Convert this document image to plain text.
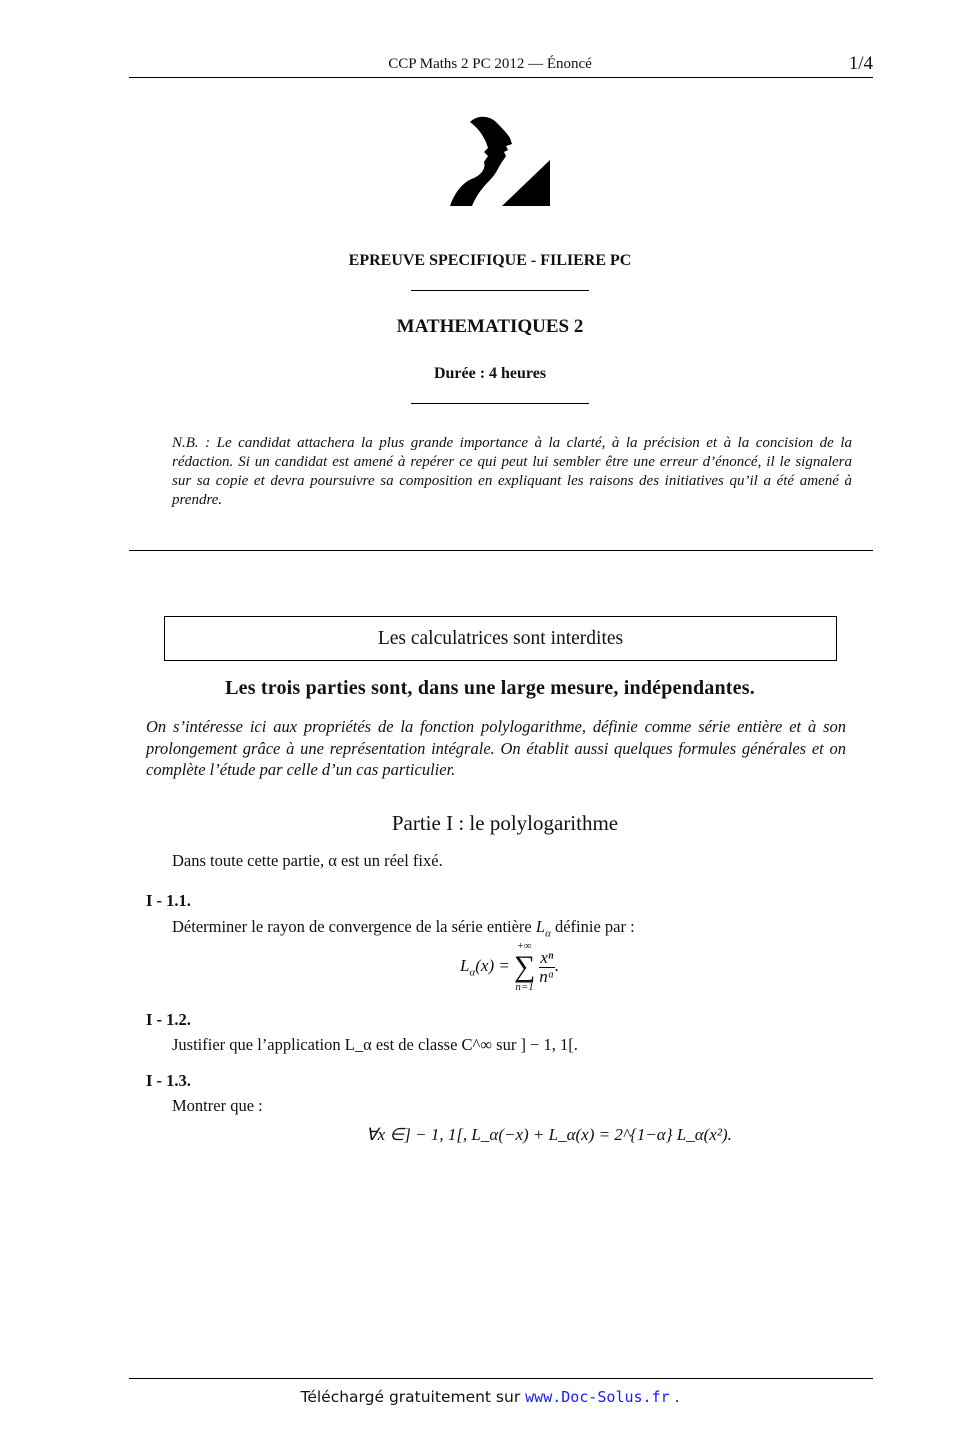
CCP Maths 2 PC 2012 — Énoncé	1/4
EPREUVE SPECIFIQUE - FILIERE PC
MATHEMATIQUES 2
Durée : 4 heures
N.B. : Le candidat attachera la plus grande importance à la clarté, à la précision et à la concision de la rédaction. Si un candidat est amené à repérer ce qui peut lui sembler être une erreur d’énoncé, il le signalera sur sa copie et devra poursuivre sa composition en expliquant les raisons des initiatives qu’il a été amené à prendre.
Les calculatrices sont interdites
Les trois parties sont, dans une large mesure, indépendantes.
On s’intéresse ici aux propriétés de la fonction polylogarithme, définie comme série entière et à son prolongement grâce à une représentation intégrale. On établit aussi quelques formules générales et on complète l’étude par celle d’un cas particulier.
Partie I : le polylogarithme
Dans toute cette partie, α est un réel fixé.
I - 1.1.
Déterminer le rayon de convergence de la série entière $L_\alpha$ définie par :
$L_\alpha(x)$ =
+∞
∑
n=1
$\frac{\text{xⁿ}}{\text{nᵅ}}$ .
I - 1.2.
Justifier que l’application L_α est de classe C^∞ sur ] − 1, 1[.
I - 1.3.
Montrer que :
∀x ∈] − 1, 1[, L_α(−x) + L_α(x) = 2^{1−α} L_α(x²).
Téléchargé gratuitement sur www.Doc-Solus.fr .
